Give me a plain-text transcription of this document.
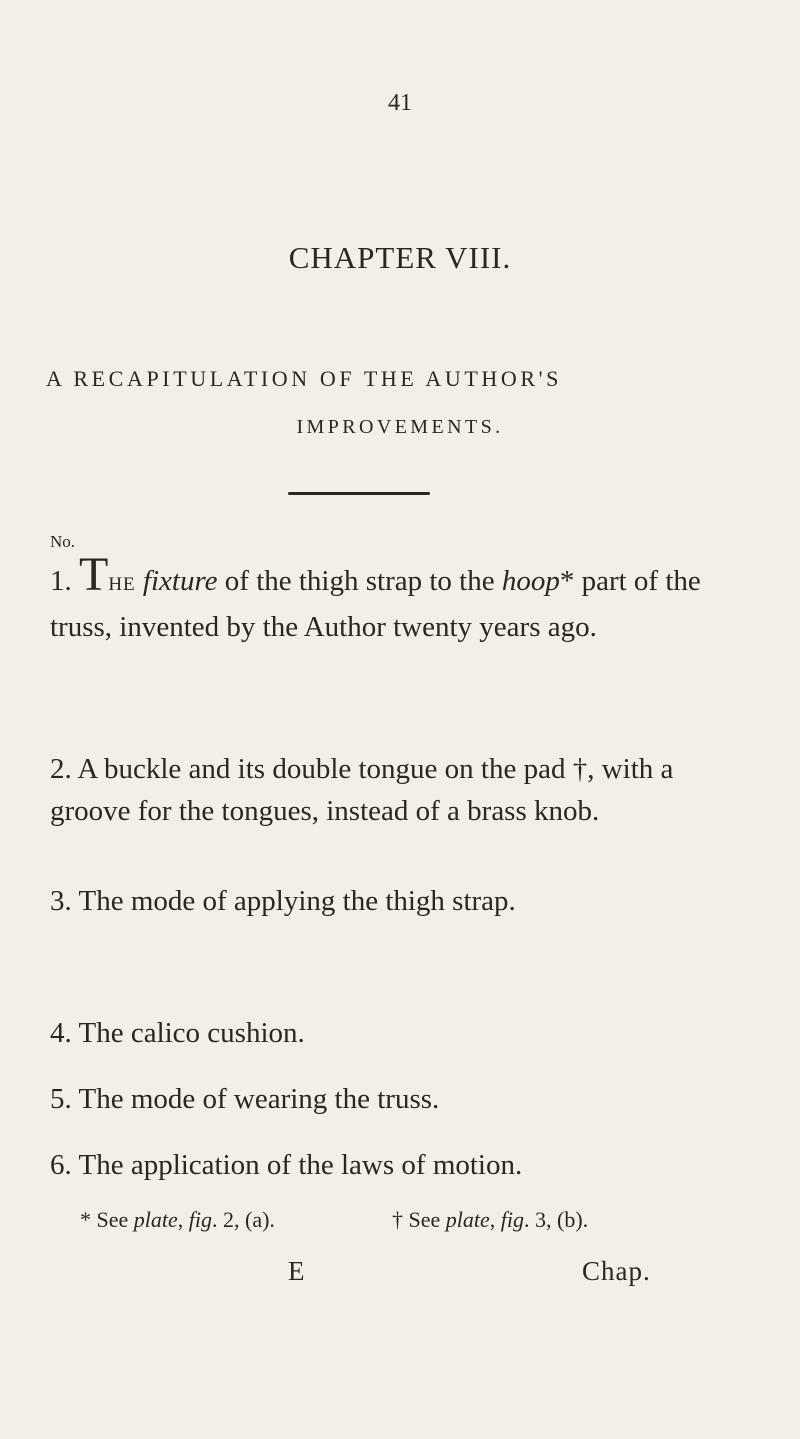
41
CHAPTER VIII.
A RECAPITULATION OF THE AUTHOR'S
IMPROVEMENTS.
No.
1. THE fixture of the thigh strap to the hoop* part of the truss, invented by the Author twenty years ago.
2. A buckle and its double tongue on the pad †, with a groove for the tongues, instead of a brass knob.
3. The mode of applying the thigh strap.
4. The calico cushion.
5. The mode of wearing the truss.
6. The application of the laws of motion.
* See plate, fig. 2, (a).	† See plate, fig. 3, (b).
E	Chap.
